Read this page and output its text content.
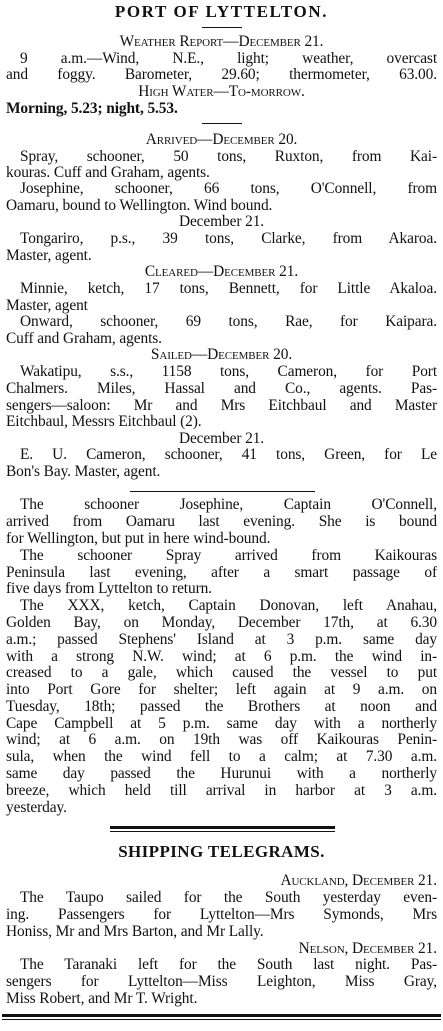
PORT OF LYTTELTON.
Weather Report—December 21.
9 a.m.—Wind, N.E., light; weather, overcast
and foggy. Barometer, 29.60; thermometer, 63.00.
High Water—To-morrow.
Morning, 5.23; night, 5.53.
Arrived—December 20.
Spray, schooner, 50 tons, Ruxton, from Kai-
kouras. Cuff and Graham, agents.
Josephine, schooner, 66 tons, O'Connell, from
Oamaru, bound to Wellington. Wind bound.
December 21.
Tongariro, p.s., 39 tons, Clarke, from Akaroa.
Master, agent.
Cleared—December 21.
Minnie, ketch, 17 tons, Bennett, for Little Akaloa.
Master, agent
Onward, schooner, 69 tons, Rae, for Kaipara.
Cuff and Graham, agents.
Sailed—December 20.
Wakatipu, s.s., 1158 tons, Cameron, for Port
Chalmers. Miles, Hassal and Co., agents. Pas-
sengers—saloon: Mr and Mrs Eitchbaul and Master
Eitchbaul, Messrs Eitchbaul (2).
December 21.
E. U. Cameron, schooner, 41 tons, Green, for Le
Bon's Bay. Master, agent.
The schooner Josephine, Captain O'Connell,
arrived from Oamaru last evening. She is bound
for Wellington, but put in here wind-bound.
The schooner Spray arrived from Kaikouras
Peninsula last evening, after a smart passage of
five days from Lyttelton to return.
The XXX, ketch, Captain Donovan, left Anahau,
Golden Bay, on Monday, December 17th, at 6.30
a.m.; passed Stephens' Island at 3 p.m. same day
with a strong N.W. wind; at 6 p.m. the wind in-
creased to a gale, which caused the vessel to put
into Port Gore for shelter; left again at 9 a.m. on
Tuesday, 18th; passed the Brothers at noon and
Cape Campbell at 5 p.m. same day with a northerly
wind; at 6 a.m. on 19th was off Kaikouras Penin-
sula, when the wind fell to a calm; at 7.30 a.m.
same day passed the Hurunui with a northerly
breeze, which held till arrival in harbor at 3 a.m.
yesterday.
SHIPPING TELEGRAMS.
Auckland, December 21.
The Taupo sailed for the South yesterday even-
ing. Passengers for Lyttelton—Mrs Symonds, Mrs
Honiss, Mr and Mrs Barton, and Mr Lally.
Nelson, December 21.
The Taranaki left for the South last night. Pas-
sengers for Lyttelton—Miss Leighton, Miss Gray,
Miss Robert, and Mr T. Wright.
